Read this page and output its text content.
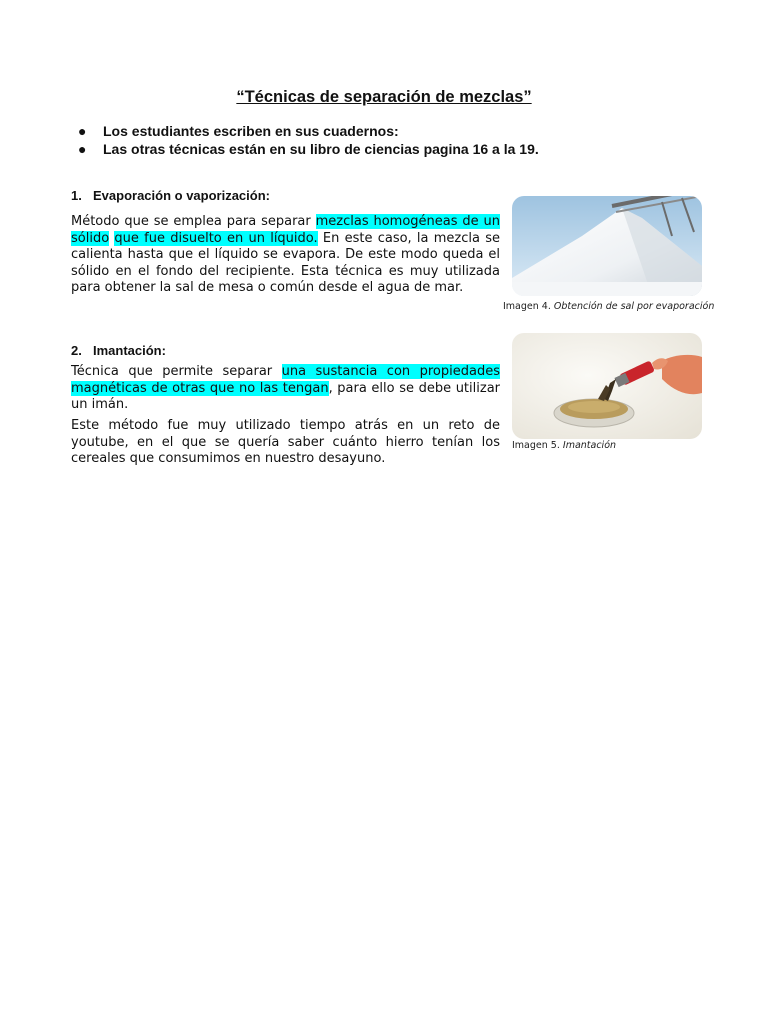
“Técnicas de separación de mezclas”
● Los estudiantes escriben en sus cuadernos:
● Las otras técnicas están en su libro de ciencias pagina 16 a la 19.
1. Evaporación o vaporización:

Método que se emplea para separar mezclas homogéneas de un sólido que fue disuelto en un líquido. En este caso, la mezcla se calienta hasta que el líquido se evapora. De este modo queda el sólido en el fondo del recipiente. Esta técnica es muy utilizada para obtener la sal de mesa o común desde el agua de mar.

Imagen 4. Obtención de sal por evaporación
2. Imantación:

Técnica que permite separar una sustancia con propiedades magnéticas de otras que no las tengan, para ello se debe utilizar un imán.

Este método fue muy utilizado tiempo atrás en un reto de youtube, en el que se quería saber cuánto hierro tenían los cereales que consumimos en nuestro desayuno.

Imagen 5. Imantación
